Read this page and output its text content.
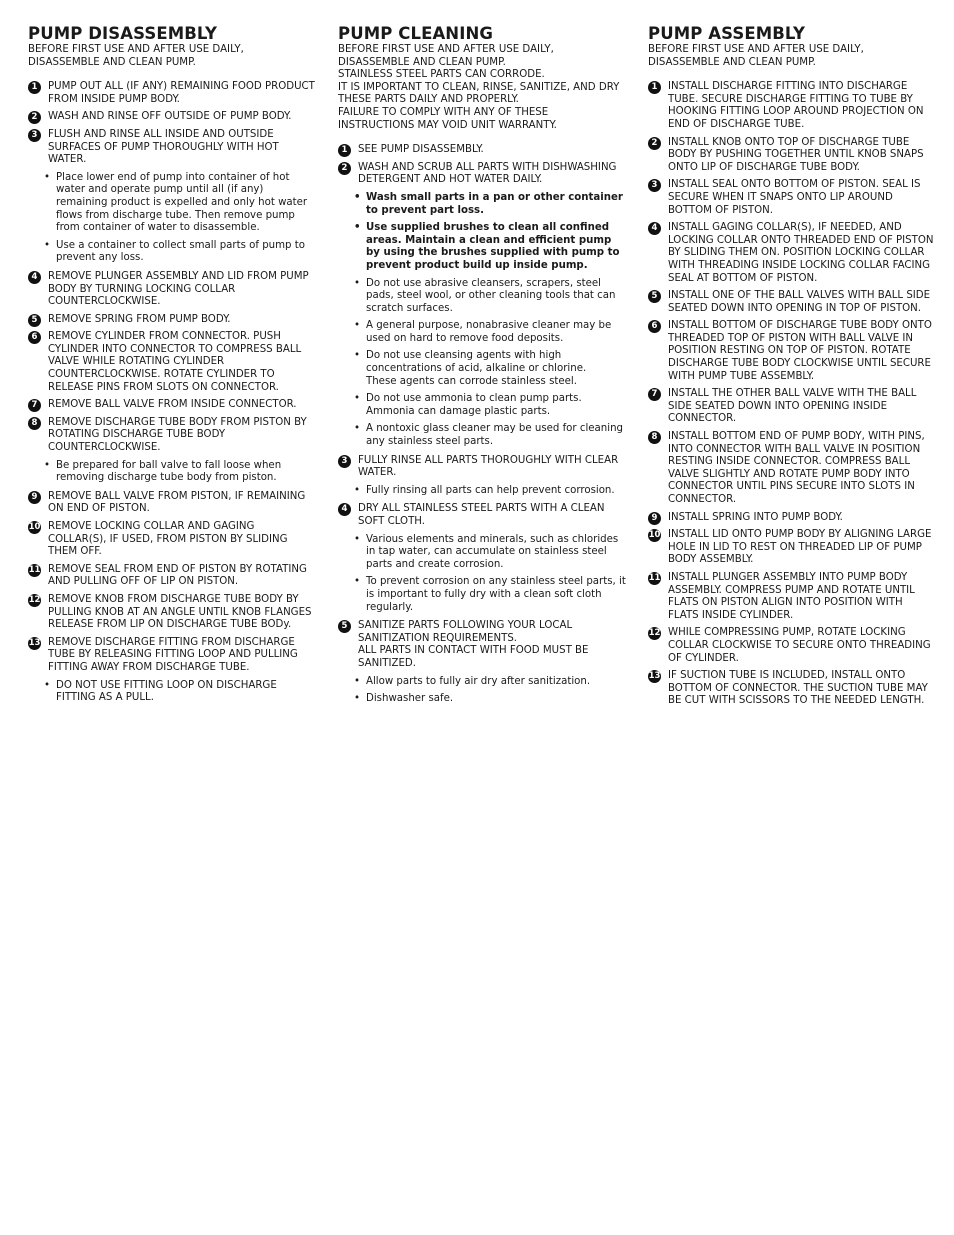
PUMP DISASSEMBLY
BEFORE FIRST USE AND AFTER USE DAILY, DISASSEMBLE AND CLEAN PUMP.
1	PUMP OUT ALL (IF ANY) REMAINING FOOD PRODUCT FROM INSIDE PUMP BODY.
2	WASH AND RINSE OFF OUTSIDE OF PUMP BODY.
3	FLUSH AND RINSE ALL INSIDE AND OUTSIDE SURFACES OF PUMP THOROUGHLY WITH HOT WATER.
• Place lower end of pump into container of hot water and operate pump until all (if any) remaining product is expelled and only hot water flows from discharge tube. Then remove pump from container of water to disassemble.
• Use a container to collect small parts of pump to prevent any loss.
4	REMOVE PLUNGER ASSEMBLY AND LID FROM PUMP BODY BY TURNING LOCKING COLLAR COUNTERCLOCKWISE.
5	REMOVE SPRING FROM PUMP BODY.
6	REMOVE CYLINDER FROM CONNECTOR. PUSH CYLINDER INTO CONNECTOR TO COMPRESS BALL VALVE WHILE ROTATING CYLINDER COUNTERCLOCKWISE. ROTATE CYLINDER TO RELEASE PINS FROM SLOTS ON CONNECTOR.
7	REMOVE BALL VALVE FROM INSIDE CONNECTOR.
8	REMOVE DISCHARGE TUBE BODY FROM PISTON BY ROTATING DISCHARGE TUBE BODY COUNTERCLOCKWISE.
• Be prepared for ball valve to fall loose when removing discharge tube body from piston.
9	REMOVE BALL VALVE FROM PISTON, IF REMAINING ON END OF PISTON.
10 REMOVE LOCKING COLLAR AND GAGING COLLAR(S), IF USED, FROM PISTON BY SLIDING THEM OFF.
11 REMOVE SEAL FROM END OF PISTON BY ROTATING AND PULLING OFF OF LIP ON PISTON.
12 REMOVE KNOB FROM DISCHARGE TUBE BODY BY PULLING KNOB AT AN ANGLE UNTIL KNOB FLANGES RELEASE FROM LIP ON DISCHARGE TUBE BODy.
13 REMOVE DISCHARGE FITTING FROM DISCHARGE TUBE BY RELEASING FITTING LOOP AND PULLING FITTING AWAY FROM DISCHARGE TUBE.
• DO NOT USE FITTING LOOP ON DISCHARGE FITTING AS A PULL.
PUMP CLEANING
BEFORE FIRST USE AND AFTER USE DAILY, DISASSEMBLE AND CLEAN PUMP.
STAINLESS STEEL PARTS CAN CORRODE.
IT IS IMPORTANT TO CLEAN, RINSE, SANITIZE, AND DRY THESE PARTS DAILY AND PROPERLY.
FAILURE TO COMPLY WITH ANY OF THESE INSTRUCTIONS MAY VOID UNIT WARRANTY.
1	SEE PUMP DISASSEMBLY.
2	WASH AND SCRUB ALL PARTS WITH DISHWASHING DETERGENT AND HOT WATER DAILY.
• Wash small parts in a pan or other container to prevent part loss.
• Use supplied brushes to clean all confined areas. Maintain a clean and efficient pump by using the brushes supplied with pump to prevent product build up inside pump.
• Do not use abrasive cleansers, scrapers, steel pads, steel wool, or other cleaning tools that can scratch surfaces.
• A general purpose, nonabrasive cleaner may be used on hard to remove food deposits.
• Do not use cleansing agents with high concentrations of acid, alkaline or chlorine.
These agents can corrode stainless steel.
• Do not use ammonia to clean pump parts. Ammonia can damage plastic parts.
• A nontoxic glass cleaner may be used for cleaning any stainless steel parts.
3	FULLY RINSE ALL PARTS THOROUGHLY WITH CLEAR WATER.
• Fully rinsing all parts can help prevent corrosion.
4	DRY ALL STAINLESS STEEL PARTS WITH A CLEAN SOFT CLOTH.
• Various elements and minerals, such as chlorides in tap water, can accumulate on stainless steel parts and create corrosion.
• To prevent corrosion on any stainless steel parts, it is important to fully dry with a clean soft cloth regularly.
5	SANITIZE PARTS FOLLOWING YOUR LOCAL SANITIZATION REQUIREMENTS.
ALL PARTS IN CONTACT WITH FOOD MUST BE SANITIZED.
• Allow parts to fully air dry after sanitization.
• Dishwasher safe.
PUMP ASSEMBLY
BEFORE FIRST USE AND AFTER USE DAILY, DISASSEMBLE AND CLEAN PUMP.
1	INSTALL DISCHARGE FITTING INTO DISCHARGE TUBE. SECURE DISCHARGE FITTING TO TUBE BY HOOKING FITTING LOOP AROUND PROJECTION ON END OF DISCHARGE TUBE.
2	INSTALL KNOB ONTO TOP OF DISCHARGE TUBE BODY BY PUSHING TOGETHER UNTIL KNOB SNAPS ONTO LIP OF DISCHARGE TUBE BODY.
3	INSTALL SEAL ONTO BOTTOM OF PISTON. SEAL IS SECURE WHEN IT SNAPS ONTO LIP AROUND BOTTOM OF PISTON.
4	INSTALL GAGING COLLAR(S), IF NEEDED, AND LOCKING COLLAR ONTO THREADED END OF PISTON BY SLIDING THEM ON. POSITION LOCKING COLLAR WITH THREADING INSIDE LOCKING COLLAR FACING SEAL AT BOTTOM OF PISTON.
5	INSTALL ONE OF THE BALL VALVES WITH BALL SIDE SEATED DOWN INTO OPENING IN TOP OF PISTON.
6	INSTALL BOTTOM OF DISCHARGE TUBE BODY ONTO THREADED TOP OF PISTON WITH BALL VALVE IN POSITION RESTING ON TOP OF PISTON. ROTATE DISCHARGE TUBE BODY CLOCKWISE UNTIL SECURE WITH PUMP TUBE ASSEMBLY.
7	INSTALL THE OTHER BALL VALVE WITH THE BALL SIDE SEATED DOWN INTO OPENING INSIDE CONNECTOR.
8	INSTALL BOTTOM END OF PUMP BODY, WITH PINS, INTO CONNECTOR WITH BALL VALVE IN POSITION RESTING INSIDE CONNECTOR. COMPRESS BALL VALVE SLIGHTLY AND ROTATE PUMP BODY INTO CONNECTOR UNTIL PINS SECURE INTO SLOTS IN CONNECTOR.
9	INSTALL SPRING INTO PUMP BODY.
10 INSTALL LID ONTO PUMP BODY BY ALIGNING LARGE HOLE IN LID TO REST ON THREADED LIP OF PUMP BODY ASSEMBLY.
11 INSTALL PLUNGER ASSEMBLY INTO PUMP BODY ASSEMBLY. COMPRESS PUMP AND ROTATE UNTIL FLATS ON PISTON ALIGN INTO POSITION WITH FLATS INSIDE CYLINDER.
12 WHILE COMPRESSING PUMP, ROTATE LOCKING COLLAR CLOCKWISE TO SECURE ONTO THREADING OF CYLINDER.
13 IF SUCTION TUBE IS INCLUDED, INSTALL ONTO BOTTOM OF CONNECTOR. THE SUCTION TUBE MAY BE CUT WITH SCISSORS TO THE NEEDED LENGTH.
